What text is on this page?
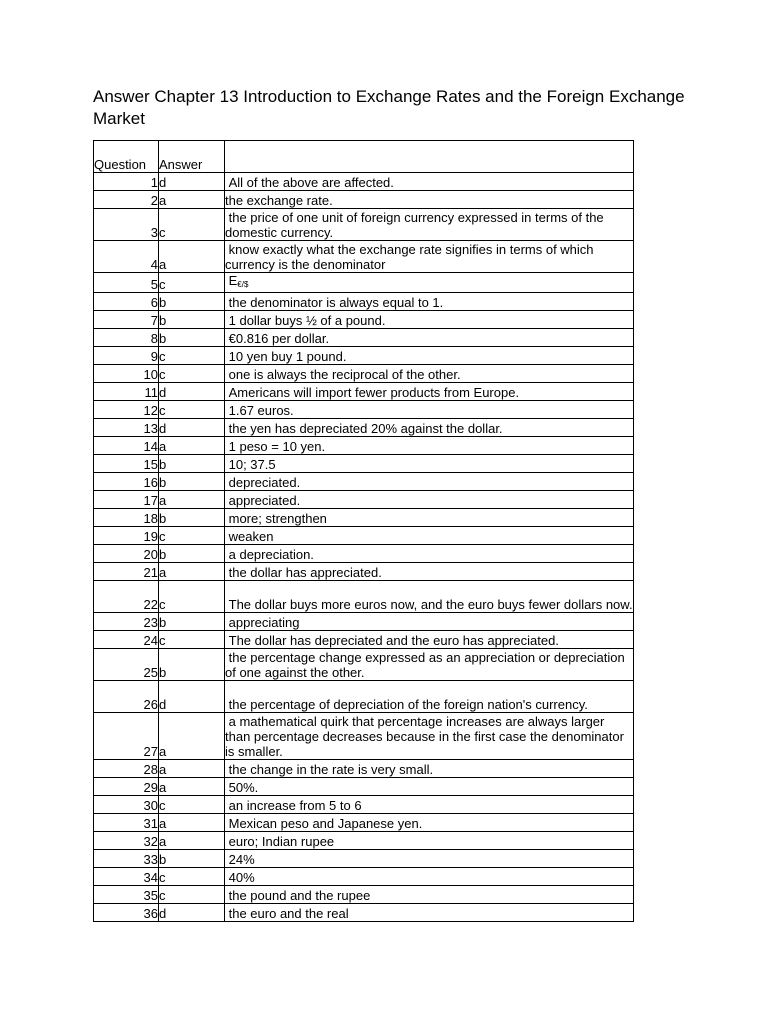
Answer Chapter 13 Introduction to Exchange Rates and the Foreign Exchange Market
Question	Answer	
1	d	All of the above are affected.
2	a	the exchange rate.
3	c	the price of one unit of foreign currency expressed in terms of the domestic currency.
4	a	know exactly what the exchange rate signifies in terms of which currency is the denominator
5	c	$E_{€/\$}$
6	b	the denominator is always equal to 1.
7	b	1 dollar buys ½ of a pound.
8	b	€0.816 per dollar.
9	c	10 yen buy 1 pound.
10	c	one is always the reciprocal of the other.
11	d	Americans will import fewer products from Europe.
12	c	1.67 euros.
13	d	the yen has depreciated 20% against the dollar.
14	a	1 peso = 10 yen.
15	b	10; 37.5
16	b	depreciated.
17	a	appreciated.
18	b	more; strengthen
19	c	weaken
20	b	a depreciation.
21	a	the dollar has appreciated.
22	c	The dollar buys more euros now, and the euro buys fewer dollars now.
23	b	appreciating
24	c	The dollar has depreciated and the euro has appreciated.
25	b	the percentage change expressed as an appreciation or depreciation of one against the other.
26	d	the percentage of depreciation of the foreign nation's currency.
27	a	a mathematical quirk that percentage increases are always larger than percentage decreases because in the first case the denominator is smaller.
28	a	the change in the rate is very small.
29	a	50%.
30	c	an increase from 5 to 6
31	a	Mexican peso and Japanese yen.
32	a	euro; Indian rupee
33	b	24%
34	c	40%
35	c	the pound and the rupee
36	d	the euro and the real
